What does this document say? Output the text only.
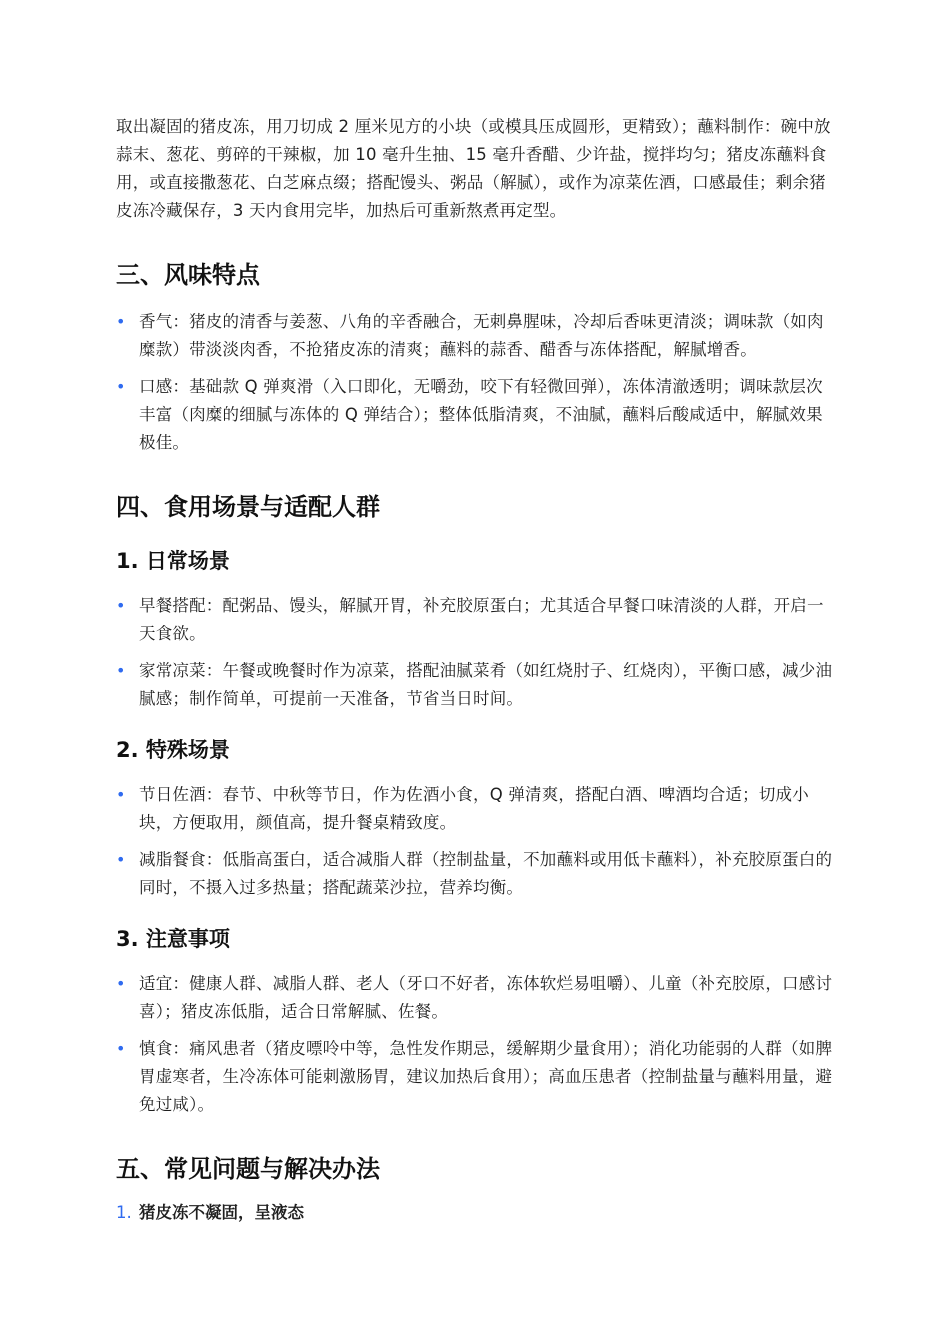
取出凝固的猪皮冻，用刀切成 2 厘米见方的小块（或模具压成圆形，更精致）；蘸料制作：碗中放蒜末、葱花、剪碎的干辣椒，加 10 毫升生抽、15 毫升香醋、少许盐，搅拌均匀；猪皮冻蘸料食用，或直接撒葱花、白芝麻点缀；搭配馒头、粥品（解腻），或作为凉菜佐酒，口感最佳；剩余猪皮冻冷藏保存，3 天内食用完毕，加热后可重新熬煮再定型。

三、风味特点
• 香气：猪皮的清香与姜葱、八角的辛香融合，无刺鼻腥味，冷却后香味更清淡；调味款（如肉糜款）带淡淡肉香，不抢猪皮冻的清爽；蘸料的蒜香、醋香与冻体搭配，解腻增香。
• 口感：基础款 Q 弹爽滑（入口即化，无嚼劲，咬下有轻微回弹），冻体清澈透明；调味款层次丰富（肉糜的细腻与冻体的 Q 弹结合）；整体低脂清爽，不油腻，蘸料后酸咸适中，解腻效果极佳。
四、食用场景与适配人群
1. 日常场景
• 早餐搭配：配粥品、馒头，解腻开胃，补充胶原蛋白；尤其适合早餐口味清淡的人群，开启一天食欲。
• 家常凉菜：午餐或晚餐时作为凉菜，搭配油腻菜肴（如红烧肘子、红烧肉），平衡口感，减少油腻感；制作简单，可提前一天准备，节省当日时间。
2. 特殊场景
• 节日佐酒：春节、中秋等节日，作为佐酒小食，Q 弹清爽，搭配白酒、啤酒均合适；切成小块，方便取用，颜值高，提升餐桌精致度。
• 减脂餐食：低脂高蛋白，适合减脂人群（控制盐量，不加蘸料或用低卡蘸料），补充胶原蛋白的同时，不摄入过多热量；搭配蔬菜沙拉，营养均衡。
3. 注意事项
• 适宜：健康人群、减脂人群、老人（牙口不好者，冻体软烂易咀嚼）、儿童（补充胶原，口感讨喜）；猪皮冻低脂，适合日常解腻、佐餐。
• 慎食：痛风患者（猪皮嘌呤中等，急性发作期忌，缓解期少量食用）；消化功能弱的人群（如脾胃虚寒者，生冷冻体可能刺激肠胃，建议加热后食用）；高血压患者（控制盐量与蘸料用量，避免过咸）。
五、常见问题与解决办法
1. 猪皮冻不凝固，呈液态
